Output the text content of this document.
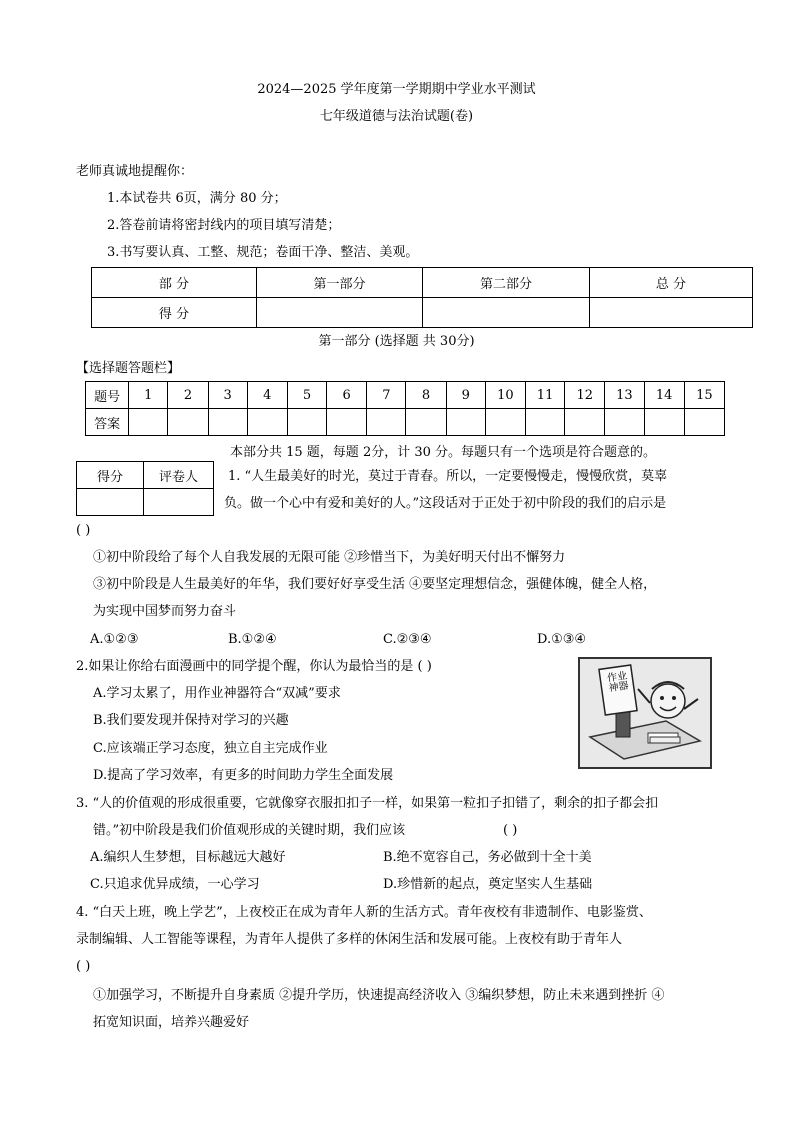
2024—2025 学年度第一学期期中学业水平测试
七年级道德与法治试题(卷)
老师真诚地提醒你：
1.本试卷共 6页，满分 80 分；
2.答卷前请将密封线内的项目填写清楚；
3.书写要认真、工整、规范；卷面干净、整洁、美观。
部 分	第一部分	第二部分	总 分
得 分			
第一部分 (选择题 共 30分)
【选择题答题栏】
题号	1	2	3	4	5	6	7	8	9	10	11	12	13	14	15
答案															
本部分共 15 题，每题 2分，计 30 分。每题只有一个选项是符合题意的。
得分	评卷人
	1. “人生最美好的时光，莫过于青春。所以，一定要慢慢走，慢慢欣赏，莫辜
负。做一个心中有爱和美好的人。”这段话对于正处于初中阶段的我们的启示是
( )
①初中阶段给了每个人自我发展的无限可能 ②珍惜当下，为美好明天付出不懈努力
③初中阶段是人生最美好的年华，我们要好好享受生活 ④要坚定理想信念，强健体魄，健全人格，
为实现中国梦而努力奋斗
A.①②③	B.①②④	C.②③④	D.①③④
2.如果让你给右面漫画中的同学提个醒，你认为最恰当的是 ( )
A.学习太累了，用作业神器符合“双减”要求
B.我们要发现并保持对学习的兴趣
C.应该端正学习态度，独立自主完成作业
D.提高了学习效率，有更多的时间助力学生全面发展
作业神器
3. “人的价值观的形成很重要，它就像穿衣服扣扣子一样，如果第一粒扣子扣错了，剩余的扣子都会扣
错。”初中阶段是我们价值观形成的关键时期，我们应该	( )
A.编织人生梦想，目标越远大越好	B.绝不宽容自己，务必做到十全十美
C.只追求优异成绩，一心学习	D.珍惜新的起点，奠定坚实人生基础
4. “白天上班，晚上学艺”，上夜校正在成为青年人新的生活方式。青年夜校有非遗制作、电影鉴赏、
录制编辑、人工智能等课程，为青年人提供了多样的休闲生活和发展可能。上夜校有助于青年人
( )
①加强学习，不断提升自身素质 ②提升学历，快速提高经济收入 ③编织梦想，防止未来遇到挫折 ④
拓宽知识面，培养兴趣爱好
